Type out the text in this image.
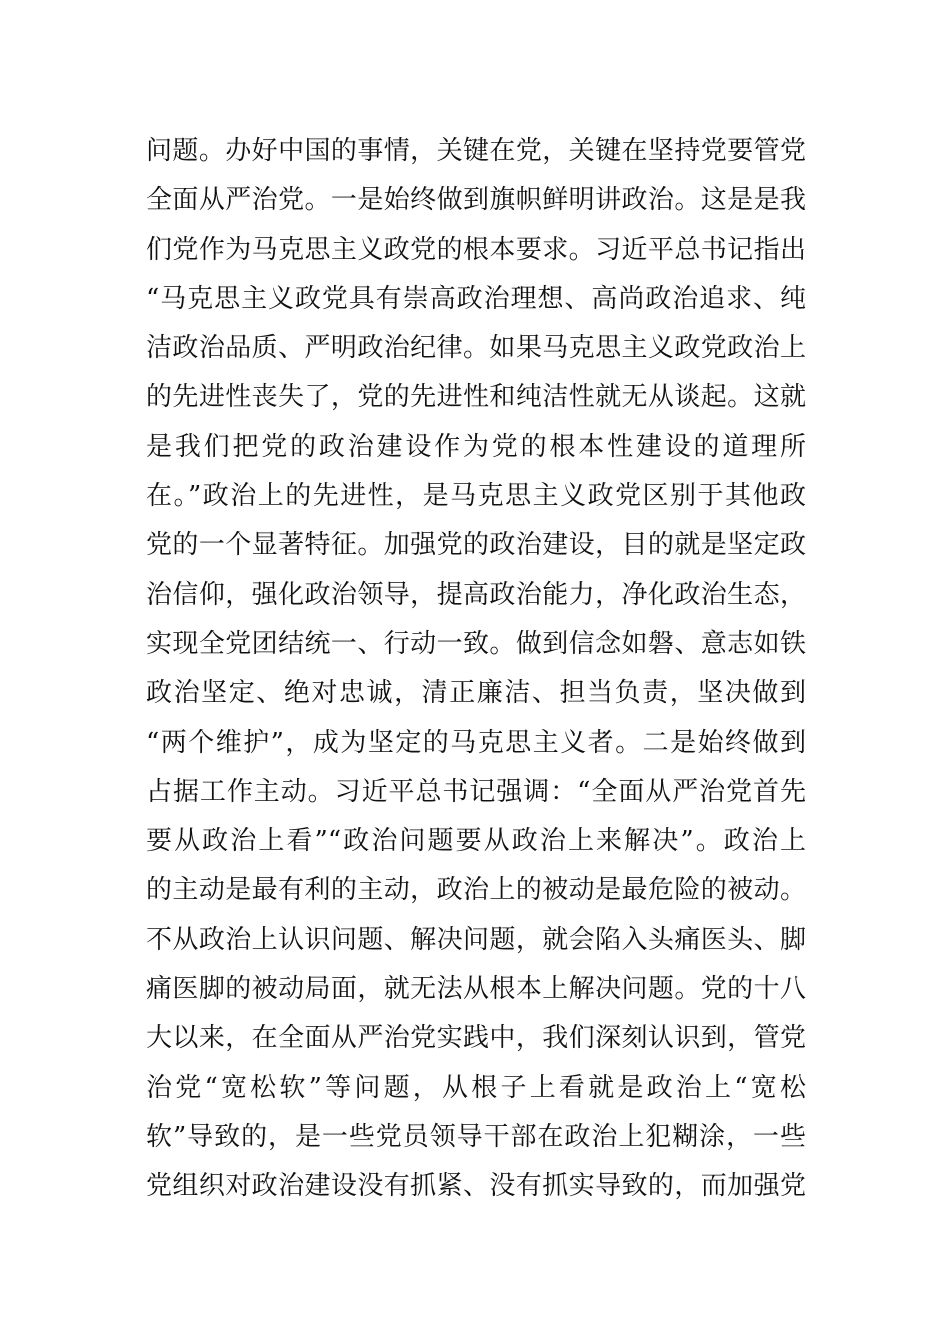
问题。办好中国的事情，关键在党，关键在坚持党要管党
全面从严治党。一是始终做到旗帜鲜明讲政治。这是是我
们党作为马克思主义政党的根本要求。习近平总书记指出
“马克思主义政党具有崇高政治理想、高尚政治追求、纯
洁政治品质、严明政治纪律。如果马克思主义政党政治上
的先进性丧失了，党的先进性和纯洁性就无从谈起。这就
是我们把党的政治建设作为党的根本性建设的道理所
在。”政治上的先进性，是马克思主义政党区别于其他政
党的一个显著特征。加强党的政治建设，目的就是坚定政
治信仰，强化政治领导，提高政治能力，净化政治生态，
实现全党团结统一、行动一致。做到信念如磐、意志如铁
政治坚定、绝对忠诚，清正廉洁、担当负责，坚决做到
“两个维护”，成为坚定的马克思主义者。二是始终做到
占据工作主动。习近平总书记强调：“全面从严治党首先
要从政治上看”“政治问题要从政治上来解决”。政治上
的主动是最有利的主动，政治上的被动是最危险的被动。
不从政治上认识问题、解决问题，就会陷入头痛医头、脚
痛医脚的被动局面，就无法从根本上解决问题。党的十八
大以来，在全面从严治党实践中，我们深刻认识到，管党
治党“宽松软”等问题，从根子上看就是政治上“宽松
软”导致的，是一些党员领导干部在政治上犯糊涂，一些
党组织对政治建设没有抓紧、没有抓实导致的，而加强党
